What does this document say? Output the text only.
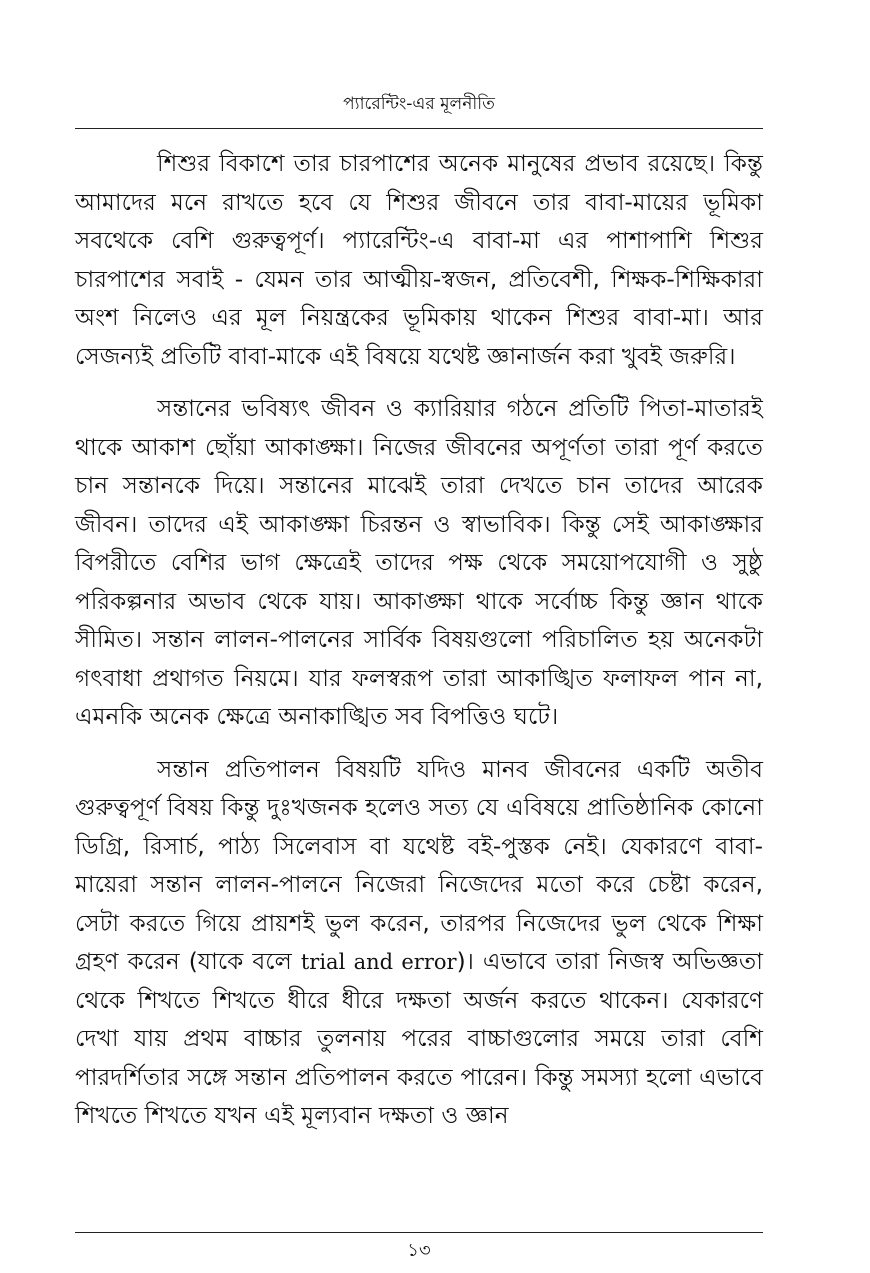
প্যারেন্টিং-এর মূলনীতি

শিশুর বিকাশে তার চারপাশের অনেক মানুষের প্রভাব রয়েছে। কিন্তু আমাদের মনে রাখতে হবে যে শিশুর জীবনে তার বাবা-মায়ের ভূমিকা সবথেকে বেশি গুরুত্বপূর্ণ। প্যারেন্টিং-এ বাবা-মা এর পাশাপাশি শিশুর চারপাশের সবাই - যেমন তার আত্মীয়-স্বজন, প্রতিবেশী, শিক্ষক-শিক্ষিকারা অংশ নিলেও এর মূল নিয়ন্ত্রকের ভূমিকায় থাকেন শিশুর বাবা-মা। আর সেজন্যই প্রতিটি বাবা-মাকে এই বিষয়ে যথেষ্ট জ্ঞানার্জন করা খুবই জরুরি।

সন্তানের ভবিষ্যৎ জীবন ও ক্যারিয়ার গঠনে প্রতিটি পিতা-মাতারই থাকে আকাশ ছোঁয়া আকাঙ্ক্ষা। নিজের জীবনের অপূর্ণতা তারা পূর্ণ করতে চান সন্তানকে দিয়ে। সন্তানের মাঝেই তারা দেখতে চান তাদের আরেক জীবন। তাদের এই আকাঙ্ক্ষা চিরন্তন ও স্বাভাবিক। কিন্তু সেই আকাঙ্ক্ষার বিপরীতে বেশির ভাগ ক্ষেত্রেই তাদের পক্ষ থেকে সময়োপযোগী ও সুষ্ঠু পরিকল্পনার অভাব থেকে যায়। আকাঙ্ক্ষা থাকে সর্বোচ্চ কিন্তু জ্ঞান থাকে সীমিত। সন্তান লালন-পালনের সার্বিক বিষয়গুলো পরিচালিত হয় অনেকটা গৎবাধা প্রথাগত নিয়মে। যার ফলস্বরূপ তারা আকাঙ্খিত ফলাফল পান না, এমনকি অনেক ক্ষেত্রে অনাকাঙ্খিত সব বিপত্তিও ঘটে।

সন্তান প্রতিপালন বিষয়টি যদিও মানব জীবনের একটি অতীব গুরুত্বপূর্ণ বিষয় কিন্তু দুঃখজনক হলেও সত্য যে এবিষয়ে প্রাতিষ্ঠানিক কোনো ডিগ্রি, রিসার্চ, পাঠ্য সিলেবাস বা যথেষ্ট বই-পুস্তক নেই। যেকারণে বাবা-মায়েরা সন্তান লালন-পালনে নিজেরা নিজেদের মতো করে চেষ্টা করেন, সেটা করতে গিয়ে প্রায়শই ভুল করেন, তারপর নিজেদের ভুল থেকে শিক্ষা গ্রহণ করেন (যাকে বলে trial and error)। এভাবে তারা নিজস্ব অভিজ্ঞতা থেকে শিখতে শিখতে ধীরে ধীরে দক্ষতা অর্জন করতে থাকেন। যেকারণে দেখা যায় প্রথম বাচ্চার তুলনায় পরের বাচ্চাগুলোর সময়ে তারা বেশি পারদর্শিতার সঙ্গে সন্তান প্রতিপালন করতে পারেন। কিন্তু সমস্যা হলো এভাবে শিখতে শিখতে যখন এই মূল্যবান দক্ষতা ও জ্ঞান

১৩
